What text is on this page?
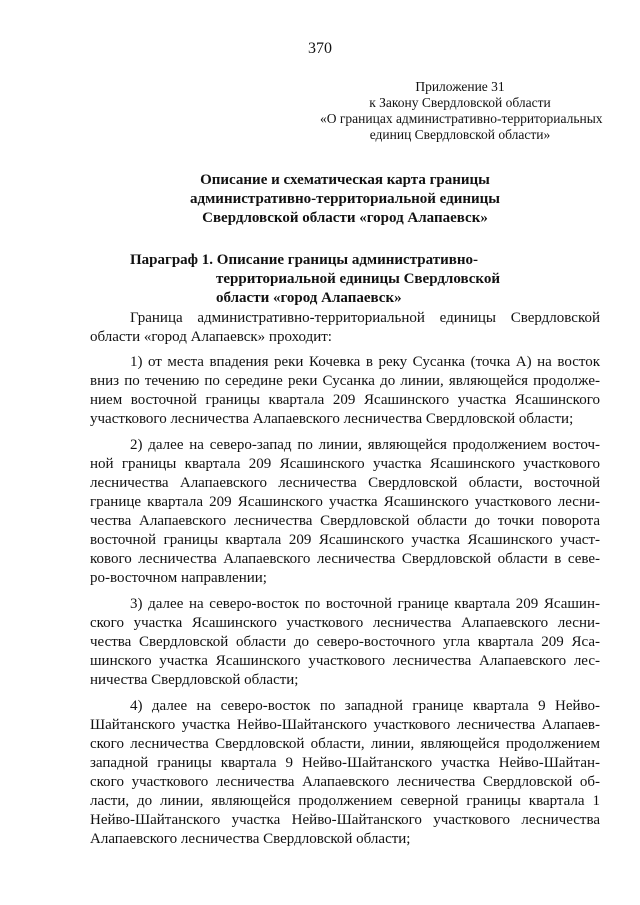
370
Приложение 31
к Закону Свердловской области
«О границах административно-территориальных
единиц Свердловской области»
Описание и схематическая карта границы
административно-территориальной единицы
Свердловской области «город Алапаевск»
Параграф 1. Описание границы административно-
территориальной единицы Свердловской
области «город Алапаевск»

Граница административно-территориальной единицы Свердловской
области «город Алапаевск» проходит:

1) от места впадения реки Кочевка в реку Сусанка (точка А) на восток
вниз по течению по середине реки Сусанка до линии, являющейся продолже-
нием восточной границы квартала 209 Ясашинского участка Ясашинского
участкового лесничества Алапаевского лесничества Свердловской области;

2) далее на северо-запад по линии, являющейся продолжением восточ-
ной границы квартала 209 Ясашинского участка Ясашинского участкового
лесничества Алапаевского лесничества Свердловской области, восточной
границе квартала 209 Ясашинского участка Ясашинского участкового лесни-
чества Алапаевского лесничества Свердловской области до точки поворота
восточной границы квартала 209 Ясашинского участка Ясашинского участ-
кового лесничества Алапаевского лесничества Свердловской области в севе-
ро-восточном направлении;

3) далее на северо-восток по восточной границе квартала 209 Ясашин-
ского участка Ясашинского участкового лесничества Алапаевского лесни-
чества Свердловской области до северо-восточного угла квартала 209 Яса-
шинского участка Ясашинского участкового лесничества Алапаевского лес-
ничества Свердловской области;

4) далее на северо-восток по западной границе квартала 9 Нейво-
Шайтанского участка Нейво-Шайтанского участкового лесничества Алапаев-
ского лесничества Свердловской области, линии, являющейся продолжением
западной границы квартала 9 Нейво-Шайтанского участка Нейво-Шайтан-
ского участкового лесничества Алапаевского лесничества Свердловской об-
ласти, до линии, являющейся продолжением северной границы квартала 1
Нейво-Шайтанского участка Нейво-Шайтанского участкового лесничества
Алапаевского лесничества Свердловской области;
